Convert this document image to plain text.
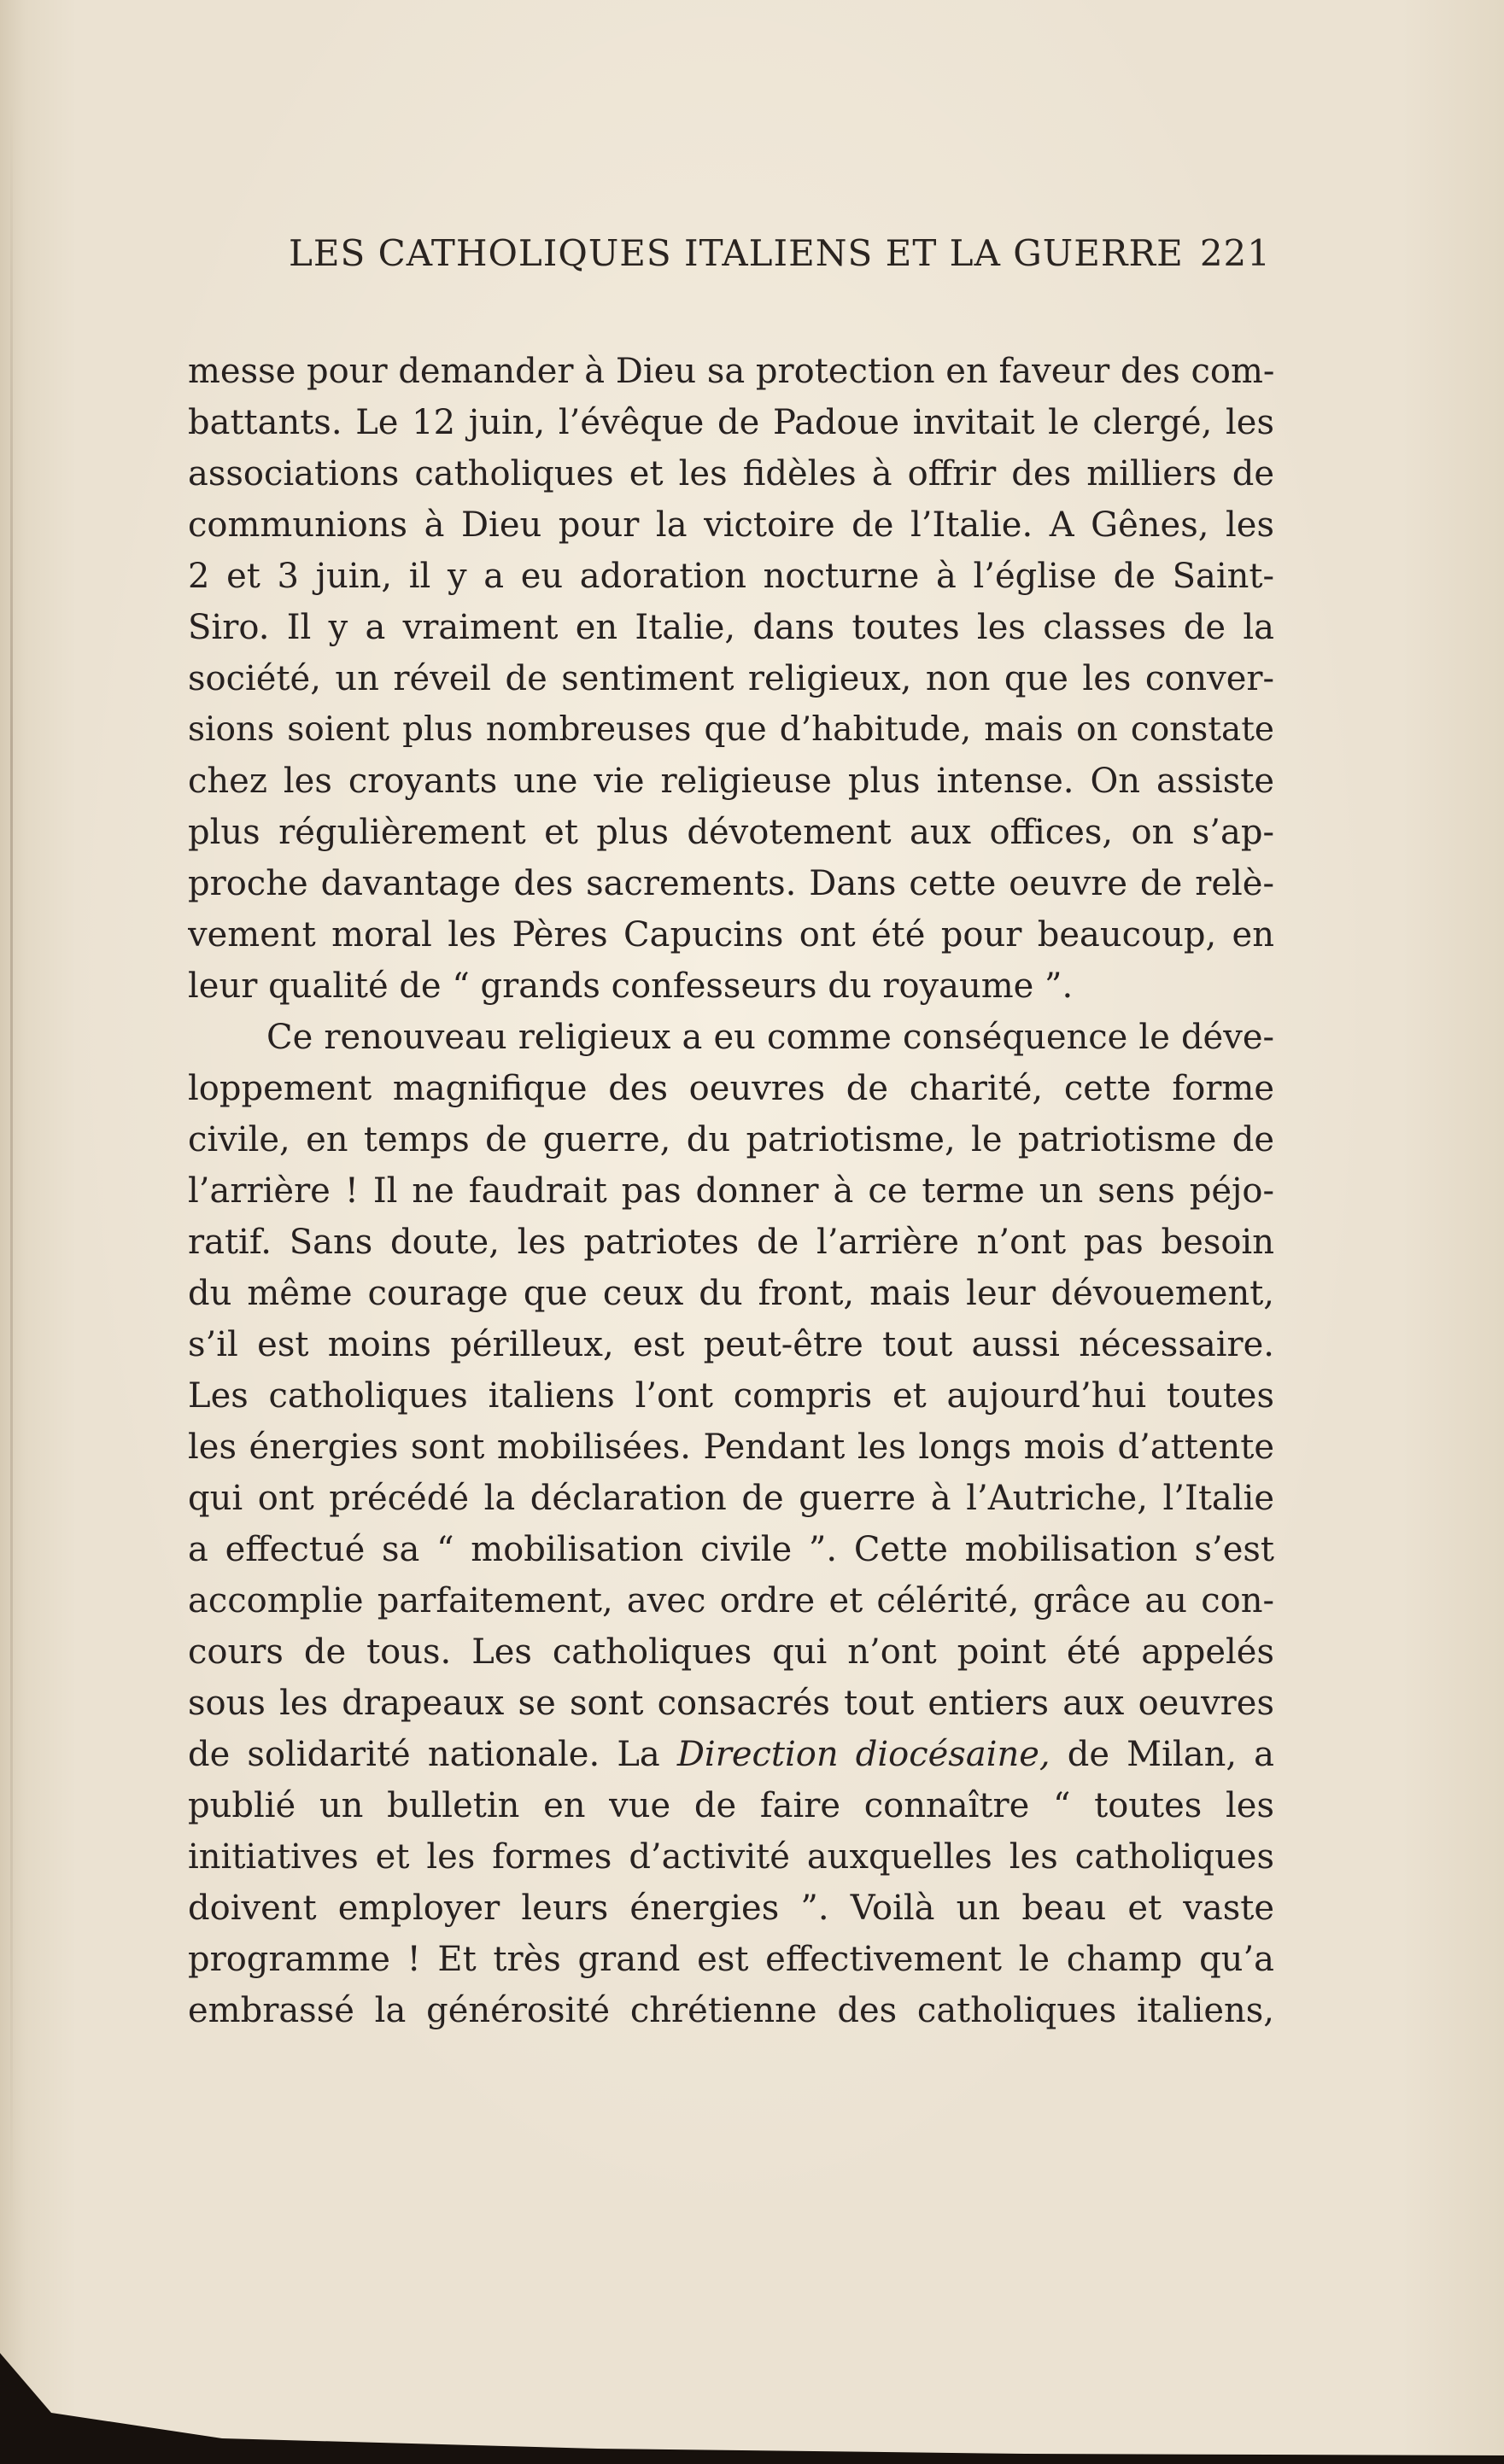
LES CATHOLIQUES ITALIENS ET LA GUERRE 221
messe pour demander à Dieu sa protection en faveur des com-
battants. Le 12 juin, l’évêque de Padoue invitait le clergé, les
associations catholiques et les fidèles à offrir des milliers de
communions à Dieu pour la victoire de l’Italie. A Gênes, les
2 et 3 juin, il y a eu adoration nocturne à l’église de Saint-
Siro. Il y a vraiment en Italie, dans toutes les classes de la
société, un réveil de sentiment religieux, non que les conver-
sions soient plus nombreuses que d’habitude, mais on constate
chez les croyants une vie religieuse plus intense. On assiste
plus régulièrement et plus dévotement aux offices, on s’ap-
proche davantage des sacrements. Dans cette oeuvre de relè-
vement moral les Pères Capucins ont été pour beaucoup, en
leur qualité de “ grands confesseurs du royaume ”.
Ce renouveau religieux a eu comme conséquence le déve-
loppement magnifique des oeuvres de charité, cette forme
civile, en temps de guerre, du patriotisme, le patriotisme de
l’arrière ! Il ne faudrait pas donner à ce terme un sens péjo-
ratif. Sans doute, les patriotes de l’arrière n’ont pas besoin
du même courage que ceux du front, mais leur dévouement,
s’il est moins périlleux, est peut-être tout aussi nécessaire.
Les catholiques italiens l’ont compris et aujourd’hui toutes
les énergies sont mobilisées. Pendant les longs mois d’attente
qui ont précédé la déclaration de guerre à l’Autriche, l’Italie
a effectué sa “ mobilisation civile ”. Cette mobilisation s’est
accomplie parfaitement, avec ordre et célérité, grâce au con-
cours de tous. Les catholiques qui n’ont point été appelés
sous les drapeaux se sont consacrés tout entiers aux oeuvres
de solidarité nationale. La Direction diocésaine, de Milan, a
publié un bulletin en vue de faire connaître “ toutes les
initiatives et les formes d’activité auxquelles les catholiques
doivent employer leurs énergies ”. Voilà un beau et vaste
programme ! Et très grand est effectivement le champ qu’a
embrassé la générosité chrétienne des catholiques italiens,
